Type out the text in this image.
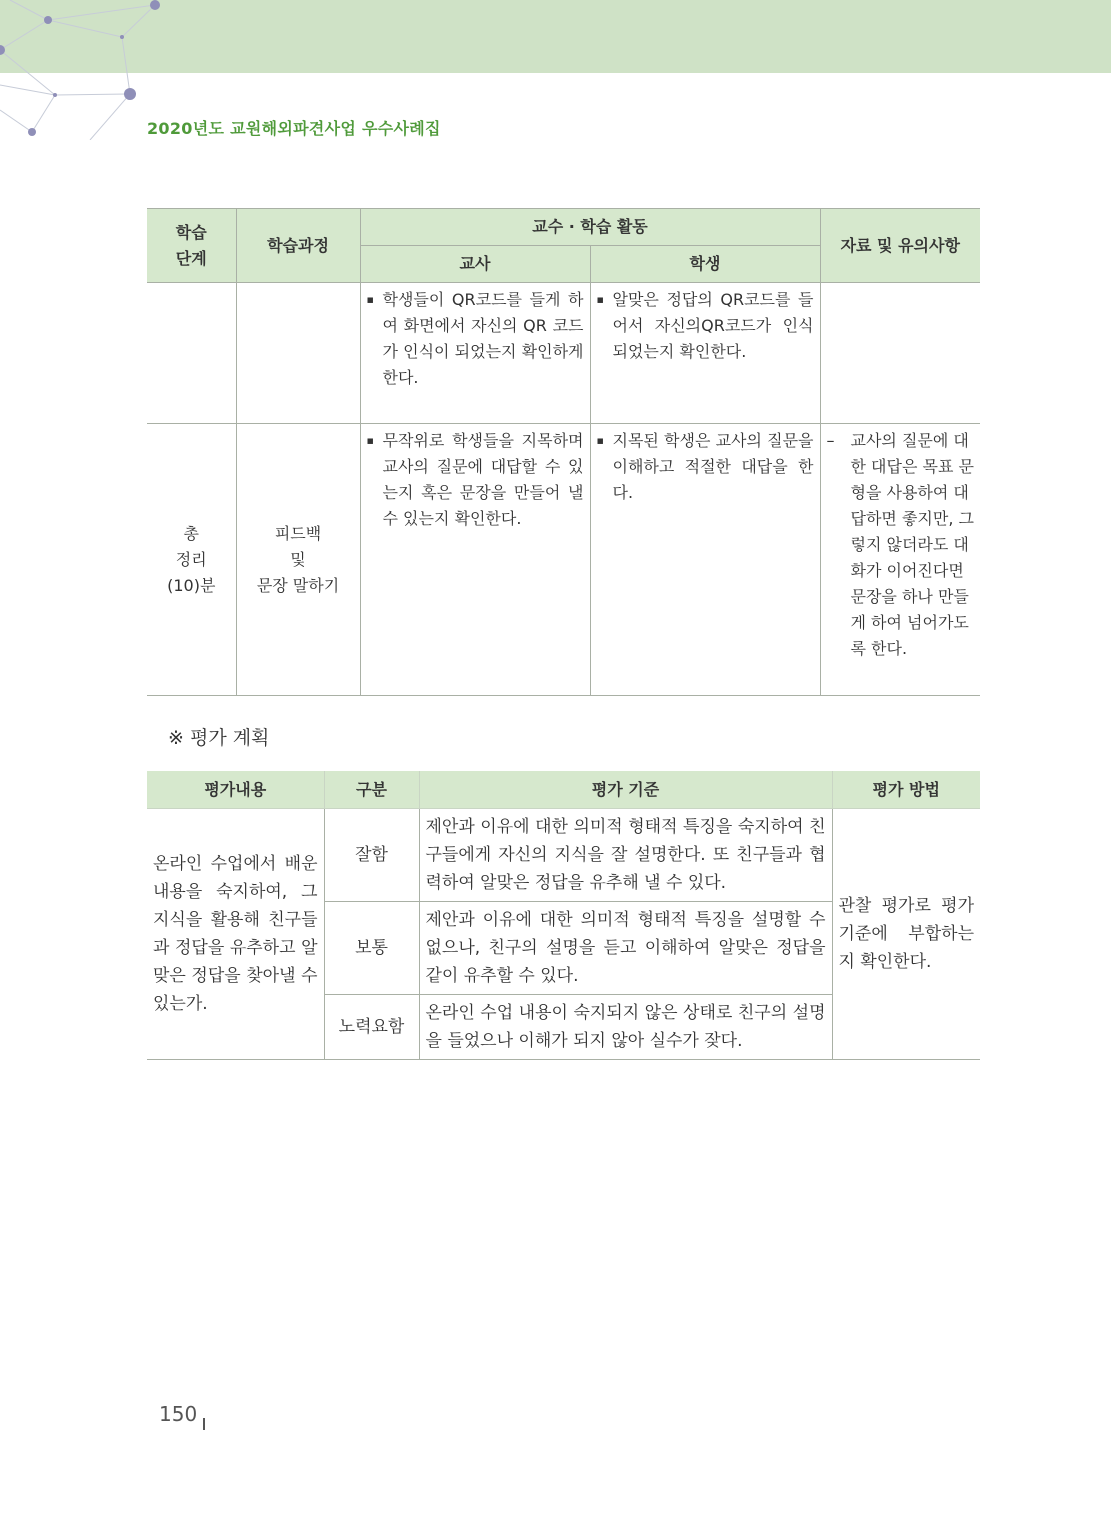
2020년도 교원해외파견사업 우수사례집
학습
단계	학습과정	교수 · 학습 활동		자료 및 유의사항
		교사	학생	

		▪ 학생들이 QR코드를 들게 하여 화면에서 자신의 QR 코드가 인식이 되었는지 확인하게 한다.	▪ 알맞은 정답의 QR코드를 들어서 자신의QR코드가 인식 되었는지 확인한다.	

총
정리
(10)분	피드백
및
문장 말하기	▪ 무작위로 학생들을 지목하며 교사의 질문에 대답할 수 있는지 혹은 문장을 만들어 낼 수 있는지 확인한다.	▪ 지목된 학생은 교사의 질문을 이해하고 적절한 대답을 한다.	– 교사의 질문에 대한 대답은 목표 문형을 사용하여 대답하면 좋지만, 그렇지 않더라도 대화가 이어진다면 문장을 하나 만들게 하여 넘어가도록 한다.
※ 평가 계획
평가내용	구분	평가 기준	평가 방법
온라인 수업에서 배운 내용을 숙지하여, 그 지식을 활용해 친구들과 정답을 유추하고 알맞은 정답을 찾아낼 수 있는가.	잘함	제안과 이유에 대한 의미적 형태적 특징을 숙지하여 친구들에게 자신의 지식을 잘 설명한다. 또 친구들과 협력하여 알맞은 정답을 유추해 낼 수 있다.	관찰 평가로 평가 기준에 부합하는지 확인한다.
	보통	제안과 이유에 대한 의미적 형태적 특징을 설명할 수 없으나, 친구의 설명을 듣고 이해하여 알맞은 정답을 같이 유추할 수 있다.	
	노력요함	온라인 수업 내용이 숙지되지 않은 상태로 친구의 설명을 들었으나 이해가 되지 않아 실수가 잦다.	
150
